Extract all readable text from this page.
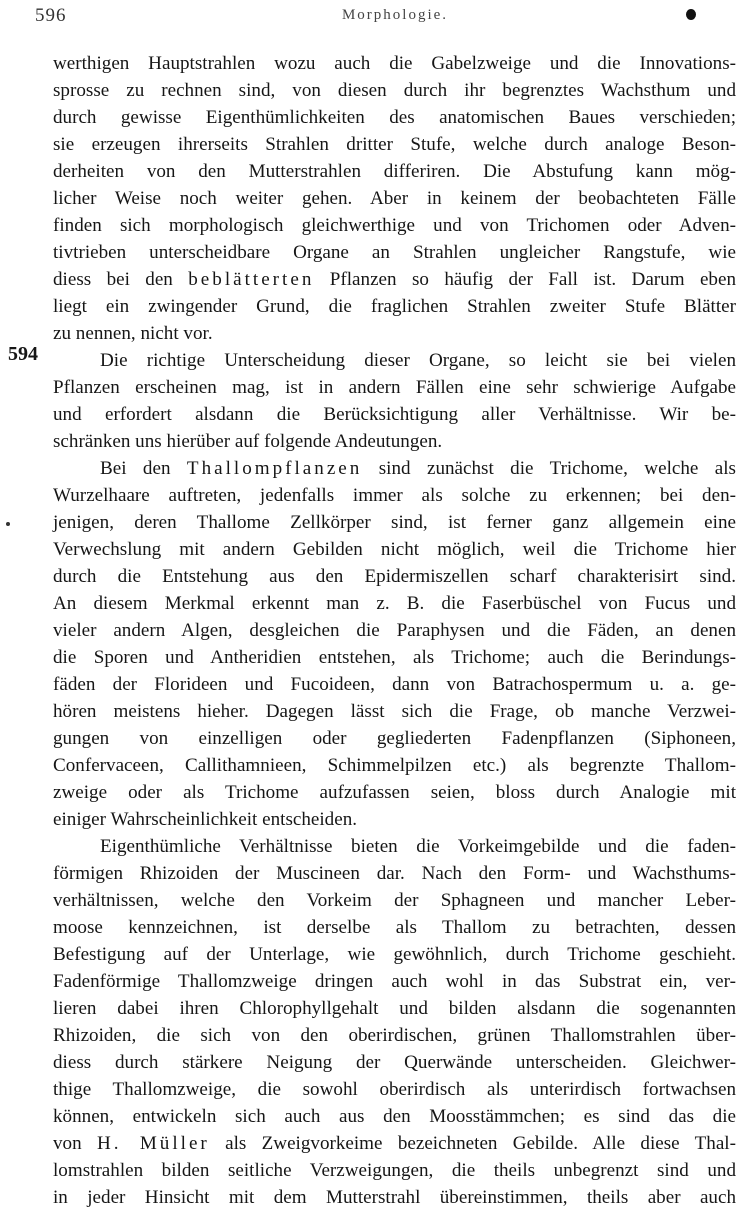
596	Morphologie.
594
werthigen Hauptstrahlen wozu auch die Gabelzweige und die Innovations-
sprosse zu rechnen sind, von diesen durch ihr begrenztes Wachsthum und
durch gewisse Eigenthümlichkeiten des anatomischen Baues verschieden;
sie erzeugen ihrerseits Strahlen dritter Stufe, welche durch analoge Beson-
derheiten von den Mutterstrahlen differiren. Die Abstufung kann mög-
licher Weise noch weiter gehen. Aber in keinem der beobachteten Fälle
finden sich morphologisch gleichwerthige und von Trichomen oder Adven-
tivtrieben unterscheidbare Organe an Strahlen ungleicher Rangstufe, wie
diess bei den beblätterten Pflanzen so häufig der Fall ist. Darum eben
liegt ein zwingender Grund, die fraglichen Strahlen zweiter Stufe Blätter
zu nennen, nicht vor.
Die richtige Unterscheidung dieser Organe, so leicht sie bei vielen
Pflanzen erscheinen mag, ist in andern Fällen eine sehr schwierige Aufgabe
und erfordert alsdann die Berücksichtigung aller Verhältnisse. Wir be-
schränken uns hierüber auf folgende Andeutungen.
Bei den Thallompflanzen sind zunächst die Trichome, welche als
Wurzelhaare auftreten, jedenfalls immer als solche zu erkennen; bei den-
jenigen, deren Thallome Zellkörper sind, ist ferner ganz allgemein eine
Verwechslung mit andern Gebilden nicht möglich, weil die Trichome hier
durch die Entstehung aus den Epidermiszellen scharf charakterisirt sind.
An diesem Merkmal erkennt man z. B. die Faserbüschel von Fucus und
vieler andern Algen, desgleichen die Paraphysen und die Fäden, an denen
die Sporen und Antheridien entstehen, als Trichome; auch die Berindungs-
fäden der Florideen und Fucoideen, dann von Batrachospermum u. a. ge-
hören meistens hieher. Dagegen lässt sich die Frage, ob manche Verzwei-
gungen von einzelligen oder gegliederten Fadenpflanzen (Siphoneen,
Confervaceen, Callithamnieen, Schimmelpilzen etc.) als begrenzte Thallom-
zweige oder als Trichome aufzufassen seien, bloss durch Analogie mit
einiger Wahrscheinlichkeit entscheiden.
Eigenthümliche Verhältnisse bieten die Vorkeimgebilde und die faden-
förmigen Rhizoiden der Muscineen dar. Nach den Form- und Wachsthums-
verhältnissen, welche den Vorkeim der Sphagneen und mancher Leber-
moose kennzeichnen, ist derselbe als Thallom zu betrachten, dessen
Befestigung auf der Unterlage, wie gewöhnlich, durch Trichome geschieht.
Fadenförmige Thallomzweige dringen auch wohl in das Substrat ein, ver-
lieren dabei ihren Chlorophyllgehalt und bilden alsdann die sogenannten
Rhizoiden, die sich von den oberirdischen, grünen Thallomstrahlen über-
diess durch stärkere Neigung der Querwände unterscheiden. Gleichwer-
thige Thallomzweige, die sowohl oberirdisch als unterirdisch fortwachsen
können, entwickeln sich auch aus den Moosstämmchen; es sind das die
von H. Müller als Zweigvorkeime bezeichneten Gebilde. Alle diese Thal-
lomstrahlen bilden seitliche Verzweigungen, die theils unbegrenzt sind und
in jeder Hinsicht mit dem Mutterstrahl übereinstimmen, theils aber auch
